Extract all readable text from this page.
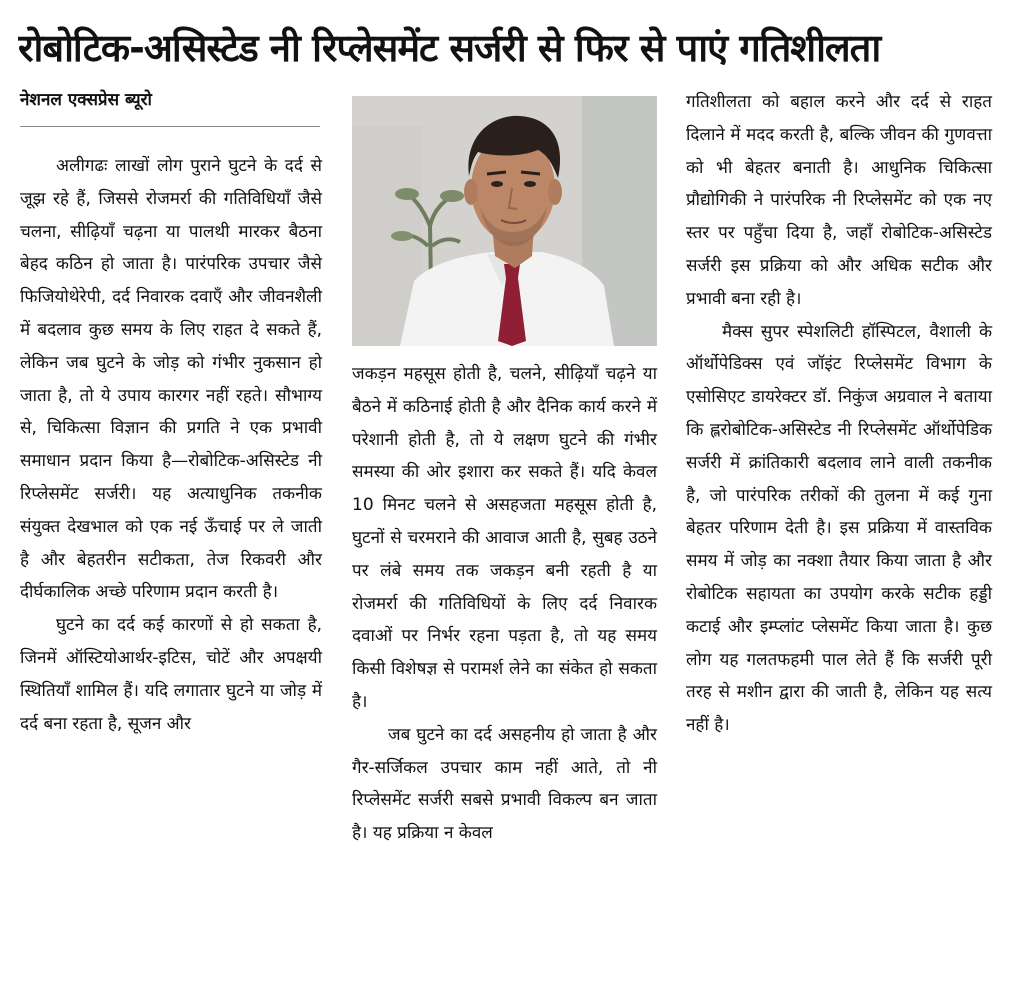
रोबोटिक-असिस्टेड नी रिप्लेसमेंट सर्जरी से फिर से पाएं गतिशीलता
नेशनल एक्सप्रेस ब्यूरो

अलीगढः लाखों लोग पुराने घुटने के दर्द से जूझ रहे हैं, जिससे रोजमर्रा की गतिविधियाँ जैसे चलना, सीढ़ियाँ चढ़ना या पालथी मारकर बैठना बेहद कठिन हो जाता है। पारंपरिक उपचार जैसे फिजियोथेरेपी, दर्द निवारक दवाएँ और जीवनशैली में बदलाव कुछ समय के लिए राहत दे सकते हैं, लेकिन जब घुटने के जोड़ को गंभीर नुकसान हो जाता है, तो ये उपाय कारगर नहीं रहते। सौभाग्य से, चिकित्सा विज्ञान की प्रगति ने एक प्रभावी समाधान प्रदान किया है—रोबोटिक-असिस्टेड नी रिप्लेसमेंट सर्जरी। यह अत्याधुनिक तकनीक संयुक्त देखभाल को एक नई ऊँचाई पर ले जाती है और बेहतरीन सटीकता, तेज रिकवरी और दीर्घकालिक अच्छे परिणाम प्रदान करती है।

घुटने का दर्द कई कारणों से हो सकता है, जिनमें ऑस्टियोआर्थर-इटिस, चोटें और अपक्षयी स्थितियाँ शामिल हैं। यदि लगातार घुटने या जोड़ में दर्द बना रहता है, सूजन और

जकड़न महसूस होती है, चलने, सीढ़ियाँ चढ़ने या बैठने में कठिनाई होती है और दैनिक कार्य करने में परेशानी होती है, तो ये लक्षण घुटने की गंभीर समस्या की ओर इशारा कर सकते हैं। यदि केवल 10 मिनट चलने से असहजता महसूस होती है, घुटनों से चरमराने की आवाज आती है, सुबह उठने पर लंबे समय तक जकड़न बनी रहती है या रोजमर्रा की गतिविधियों के लिए दर्द निवारक दवाओं पर निर्भर रहना पड़ता है, तो यह समय किसी विशेषज्ञ से परामर्श लेने का संकेत हो सकता है।

जब घुटने का दर्द असहनीय हो जाता है और गैर-सर्जिकल उपचार काम नहीं आते, तो नी रिप्लेसमेंट सर्जरी सबसे प्रभावी विकल्प बन जाता है। यह प्रक्रिया न केवल

गतिशीलता को बहाल करने और दर्द से राहत दिलाने में मदद करती है, बल्कि जीवन की गुणवत्ता को भी बेहतर बनाती है। आधुनिक चिकित्सा प्रौद्योगिकी ने पारंपरिक नी रिप्लेसमेंट को एक नए स्तर पर पहुँचा दिया है, जहाँ रोबोटिक-असिस्टेड सर्जरी इस प्रक्रिया को और अधिक सटीक और प्रभावी बना रही है।

मैक्स सुपर स्पेशलिटी हॉस्पिटल, वैशाली के ऑर्थोपेडिक्स एवं जॉइंट रिप्लेसमेंट विभाग के एसोसिएट डायरेक्टर डॉ. निकुंज अग्रवाल ने बताया कि ह्लरोबोटिक-असिस्टेड नी रिप्लेसमेंट ऑर्थोपेडिक सर्जरी में क्रांतिकारी बदलाव लाने वाली तकनीक है, जो पारंपरिक तरीकों की तुलना में कई गुना बेहतर परिणाम देती है। इस प्रक्रिया में वास्तविक समय में जोड़ का नक्शा तैयार किया जाता है और रोबोटिक सहायता का उपयोग करके सटीक हड्डी कटाई और इम्प्लांट प्लेसमेंट किया जाता है। कुछ लोग यह गलतफहमी पाल लेते हैं कि सर्जरी पूरी तरह से मशीन द्वारा की जाती है, लेकिन यह सत्य नहीं है।
